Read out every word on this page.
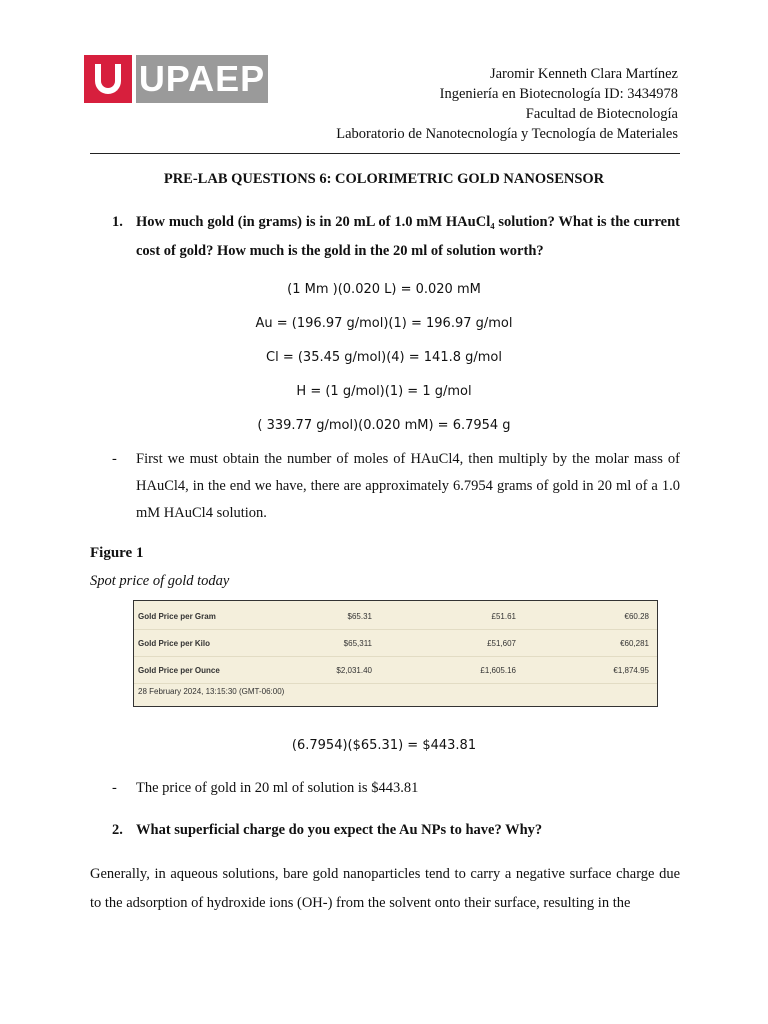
UPAEP	Jaromir Kenneth Clara Martínez
Ingeniería en Biotecnología ID: 3434978
Facultad de Biotecnología
Laboratorio de Nanotecnología y Tecnología de Materiales
PRE-LAB QUESTIONS 6: COLORIMETRIC GOLD NANOSENSOR
1. How much gold (in grams) is in 20 mL of 1.0 mM HAuCl₄ solution? What is the current cost of gold? How much is the gold in the 20 ml of solution worth?
(1 Mm )(0.020 L) = 0.020 mM
Au = (196.97 g/mol)(1) = 196.97 g/mol
Cl = (35.45 g/mol)(4) = 141.8 g/mol
H = (1 g/mol)(1) = 1 g/mol
( 339.77 g/mol)(0.020 mM) = 6.7954 g
- First we must obtain the number of moles of HAuCl4, then multiply by the molar mass of HAuCl4, in the end we have, there are approximately 6.7954 grams of gold in 20 ml of a 1.0 mM HAuCl4 solution.
Figure 1
Spot price of gold today
Gold Price per Gram	$65.31	£51.61	€60.28
Gold Price per Kilo	$65,311	£51,607	€60,281
Gold Price per Ounce	$2,031.40	£1,605.16	€1,874.95
28 February 2024, 13:15:30 (GMT-06:00)
(6.7954)($65.31) = $443.81
- The price of gold in 20 ml of solution is $443.81
2. What superficial charge do you expect the Au NPs to have? Why?
Generally, in aqueous solutions, bare gold nanoparticles tend to carry a negative surface charge due to the adsorption of hydroxide ions (OH-) from the solvent onto their surface, resulting in the
